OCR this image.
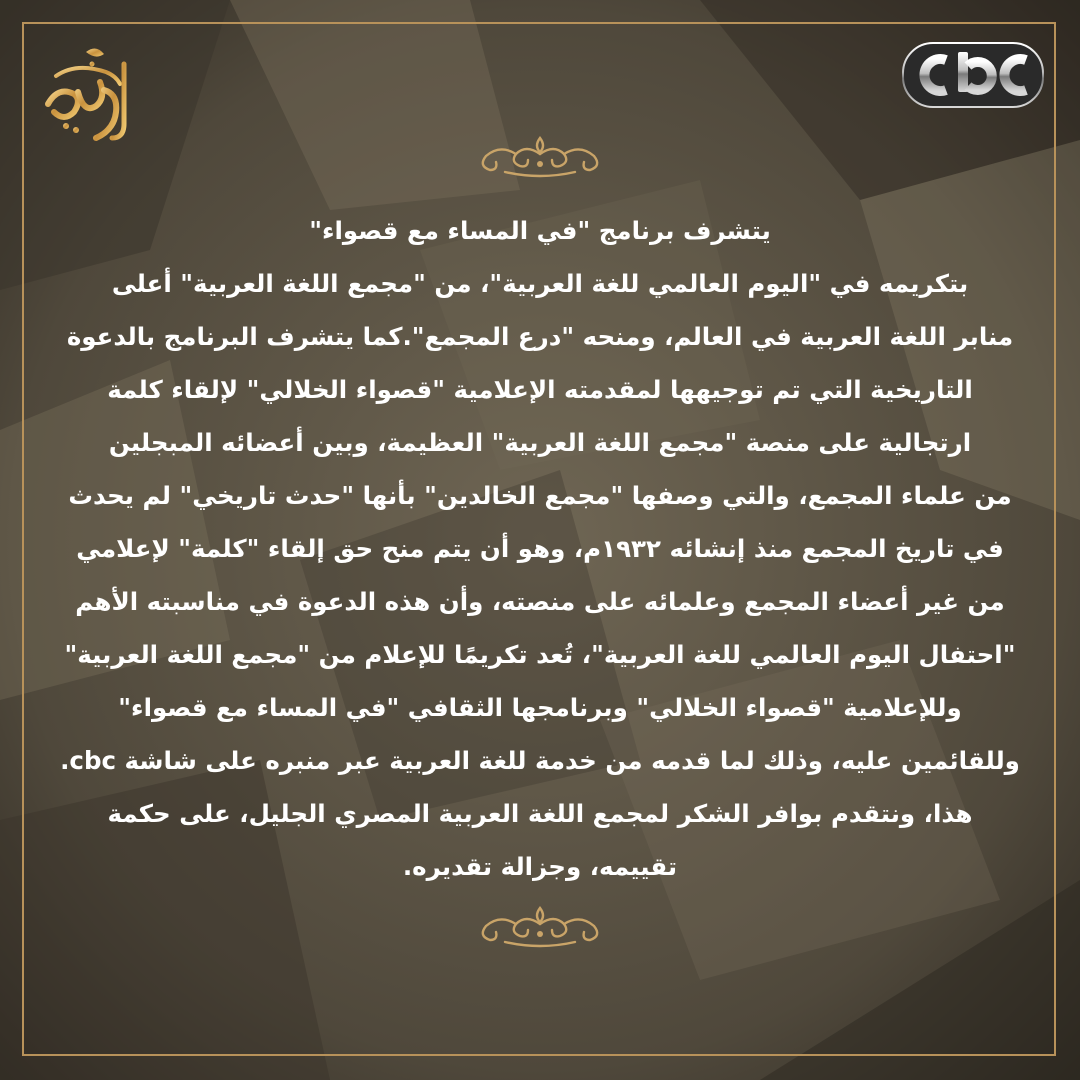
يتشرف برنامج "في المساء مع قصواء"
بتكريمه في "اليوم العالمي للغة العربية"، من "مجمع اللغة العربية" أعلى
منابر اللغة العربية في العالم، ومنحه "درع المجمع".كما يتشرف البرنامج بالدعوة
التاريخية التي تم توجيهها لمقدمته الإعلامية "قصواء الخلالي" لإلقاء كلمة
ارتجالية على منصة "مجمع اللغة العربية" العظيمة، وبين أعضائه المبجلين
من علماء المجمع، والتي وصفها "مجمع الخالدين" بأنها "حدث تاريخي" لم يحدث
في تاريخ المجمع منذ إنشائه ١٩٣٢م، وهو أن يتم منح حق إلقاء "كلمة" لإعلامي
من غير أعضاء المجمع وعلمائه على منصته، وأن هذه الدعوة في مناسبته الأهم
"احتفال اليوم العالمي للغة العربية"، تُعد تكريمًا للإعلام من "مجمع اللغة العربية"
وللإعلامية "قصواء الخلالي" وبرنامجها الثقافي "في المساء مع قصواء"
وللقائمين عليه، وذلك لما قدمه من خدمة للغة العربية عبر منبره على شاشة cbc.
هذا، ونتقدم بوافر الشكر لمجمع اللغة العربية المصري الجليل، على حكمة
تقييمه، وجزالة تقديره.
